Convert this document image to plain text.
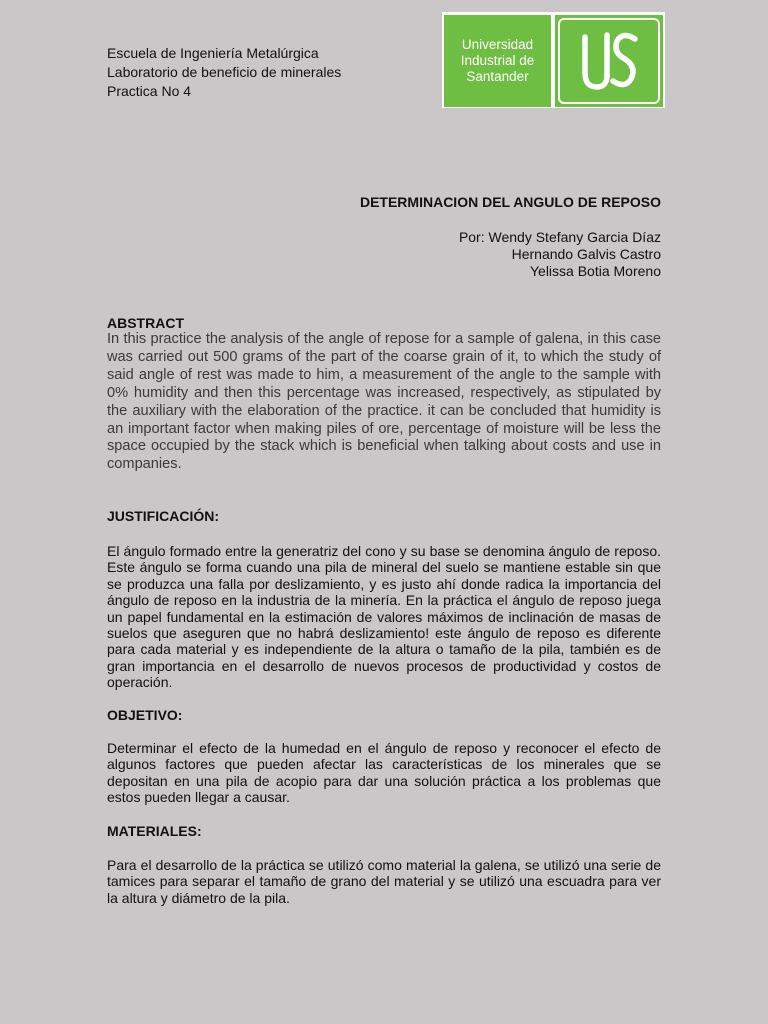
Escuela de Ingeniería Metalúrgica
Laboratorio de beneficio de minerales
Practica No 4
Universidad
Industrial de
Santander
DETERMINACION DEL ANGULO DE REPOSO
Por: Wendy Stefany Garcia Díaz
Hernando Galvis Castro
Yelissa Botia Moreno
ABSTRACT
In this practice the analysis of the angle of repose for a sample of galena, in this case was carried out 500 grams of the part of the coarse grain of it, to which the study of said angle of rest was made to him, a measurement of the angle to the sample with 0% humidity and then this percentage was increased, respectively, as stipulated by the auxiliary with the elaboration of the practice. it can be concluded that humidity is an important factor when making piles of ore, percentage of moisture will be less the space occupied by the stack which is beneficial when talking about costs and use in companies.
JUSTIFICACIÓN:
El ángulo formado entre la generatriz del cono y su base se denomina ángulo de reposo. Este ángulo se forma cuando una pila de mineral del suelo se mantiene estable sin que se produzca una falla por deslizamiento, y es justo ahí donde radica la importancia del ángulo de reposo en la industria de la minería. En la práctica el ángulo de reposo juega un papel fundamental en la estimación de valores máximos de inclinación de masas de suelos que aseguren que no habrá deslizamiento! este ángulo de reposo es diferente para cada material y es independiente de la altura o tamaño de la pila, también es de gran importancia en el desarrollo de nuevos procesos de productividad y costos de operación.
OBJETIVO:
Determinar el efecto de la humedad en el ángulo de reposo y reconocer el efecto de algunos factores que pueden afectar las características de los minerales que se depositan en una pila de acopio para dar una solución práctica a los problemas que estos pueden llegar a causar.
MATERIALES:
Para el desarrollo de la práctica se utilizó como material la galena, se utilizó una serie de tamices para separar el tamaño de grano del material y se utilizó una escuadra para ver la altura y diámetro de la pila.
